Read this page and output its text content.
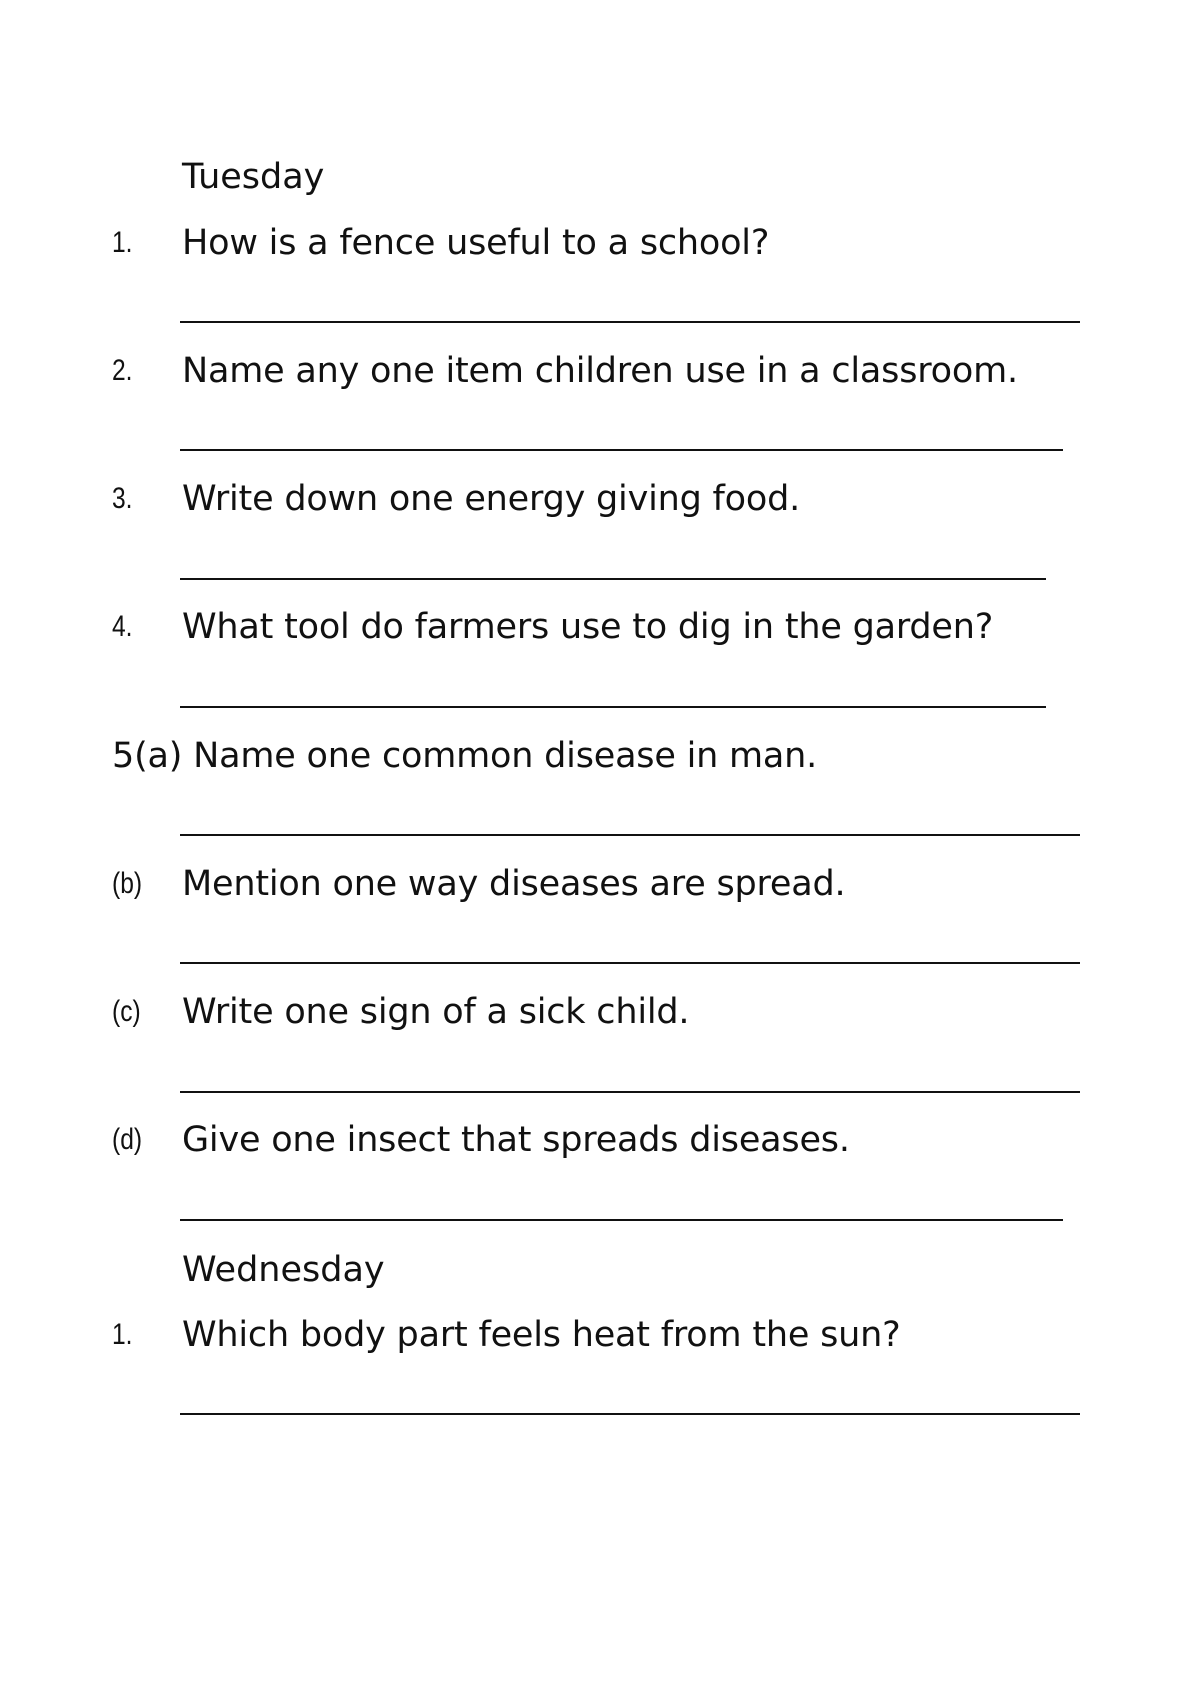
Tuesday
1. How is a fence useful to a school?
2. Name any one item children use in a classroom.
3. Write down one energy giving food.
4. What tool do farmers use to dig in the garden?
5(a) Name one common disease in man.
(b) Mention one way diseases are spread.
(c) Write one sign of a sick child.
(d) Give one insect that spreads diseases.
Wednesday
1. Which body part feels heat from the sun?
